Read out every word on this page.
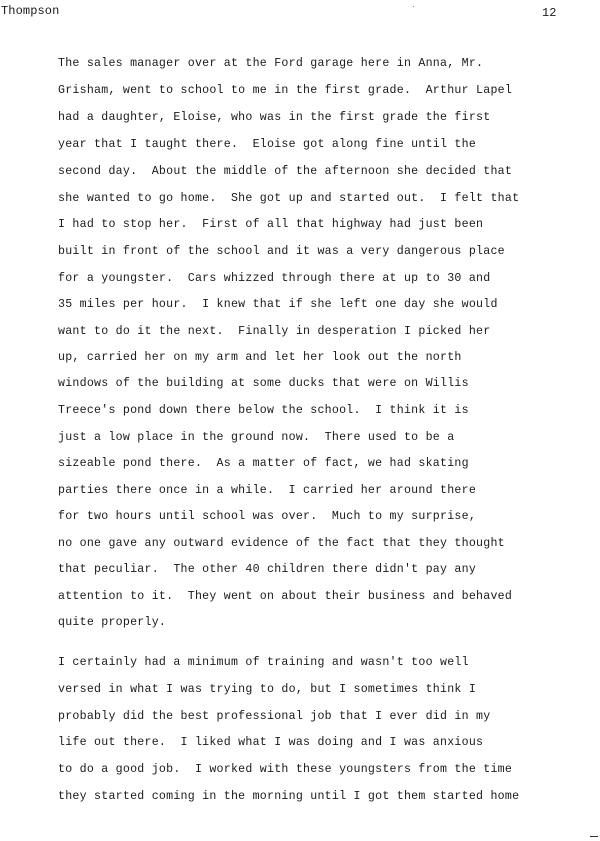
Thompson	12
The sales manager over at the Ford garage here in Anna, Mr.
Grisham, went to school to me in the first grade.  Arthur Lapel
had a daughter, Eloise, who was in the first grade the first
year that I taught there.  Eloise got along fine until the
second day.  About the middle of the afternoon she decided that
she wanted to go home.  She got up and started out.  I felt that
I had to stop her.  First of all that highway had just been
built in front of the school and it was a very dangerous place
for a youngster.  Cars whizzed through there at up to 30 and
35 miles per hour.  I knew that if she left one day she would
want to do it the next.  Finally in desperation I picked her
up, carried her on my arm and let her look out the north
windows of the building at some ducks that were on Willis
Treece's pond down there below the school.  I think it is
just a low place in the ground now.  There used to be a
sizeable pond there.  As a matter of fact, we had skating
parties there once in a while.  I carried her around there
for two hours until school was over.  Much to my surprise,
no one gave any outward evidence of the fact that they thought
that peculiar.  The other 40 children there didn't pay any
attention to it.  They went on about their business and behaved
quite properly.
I certainly had a minimum of training and wasn't too well
versed in what I was trying to do, but I sometimes think I
probably did the best professional job that I ever did in my
life out there.  I liked what I was doing and I was anxious
to do a good job.  I worked with these youngsters from the time
they started coming in the morning until I got them started home
